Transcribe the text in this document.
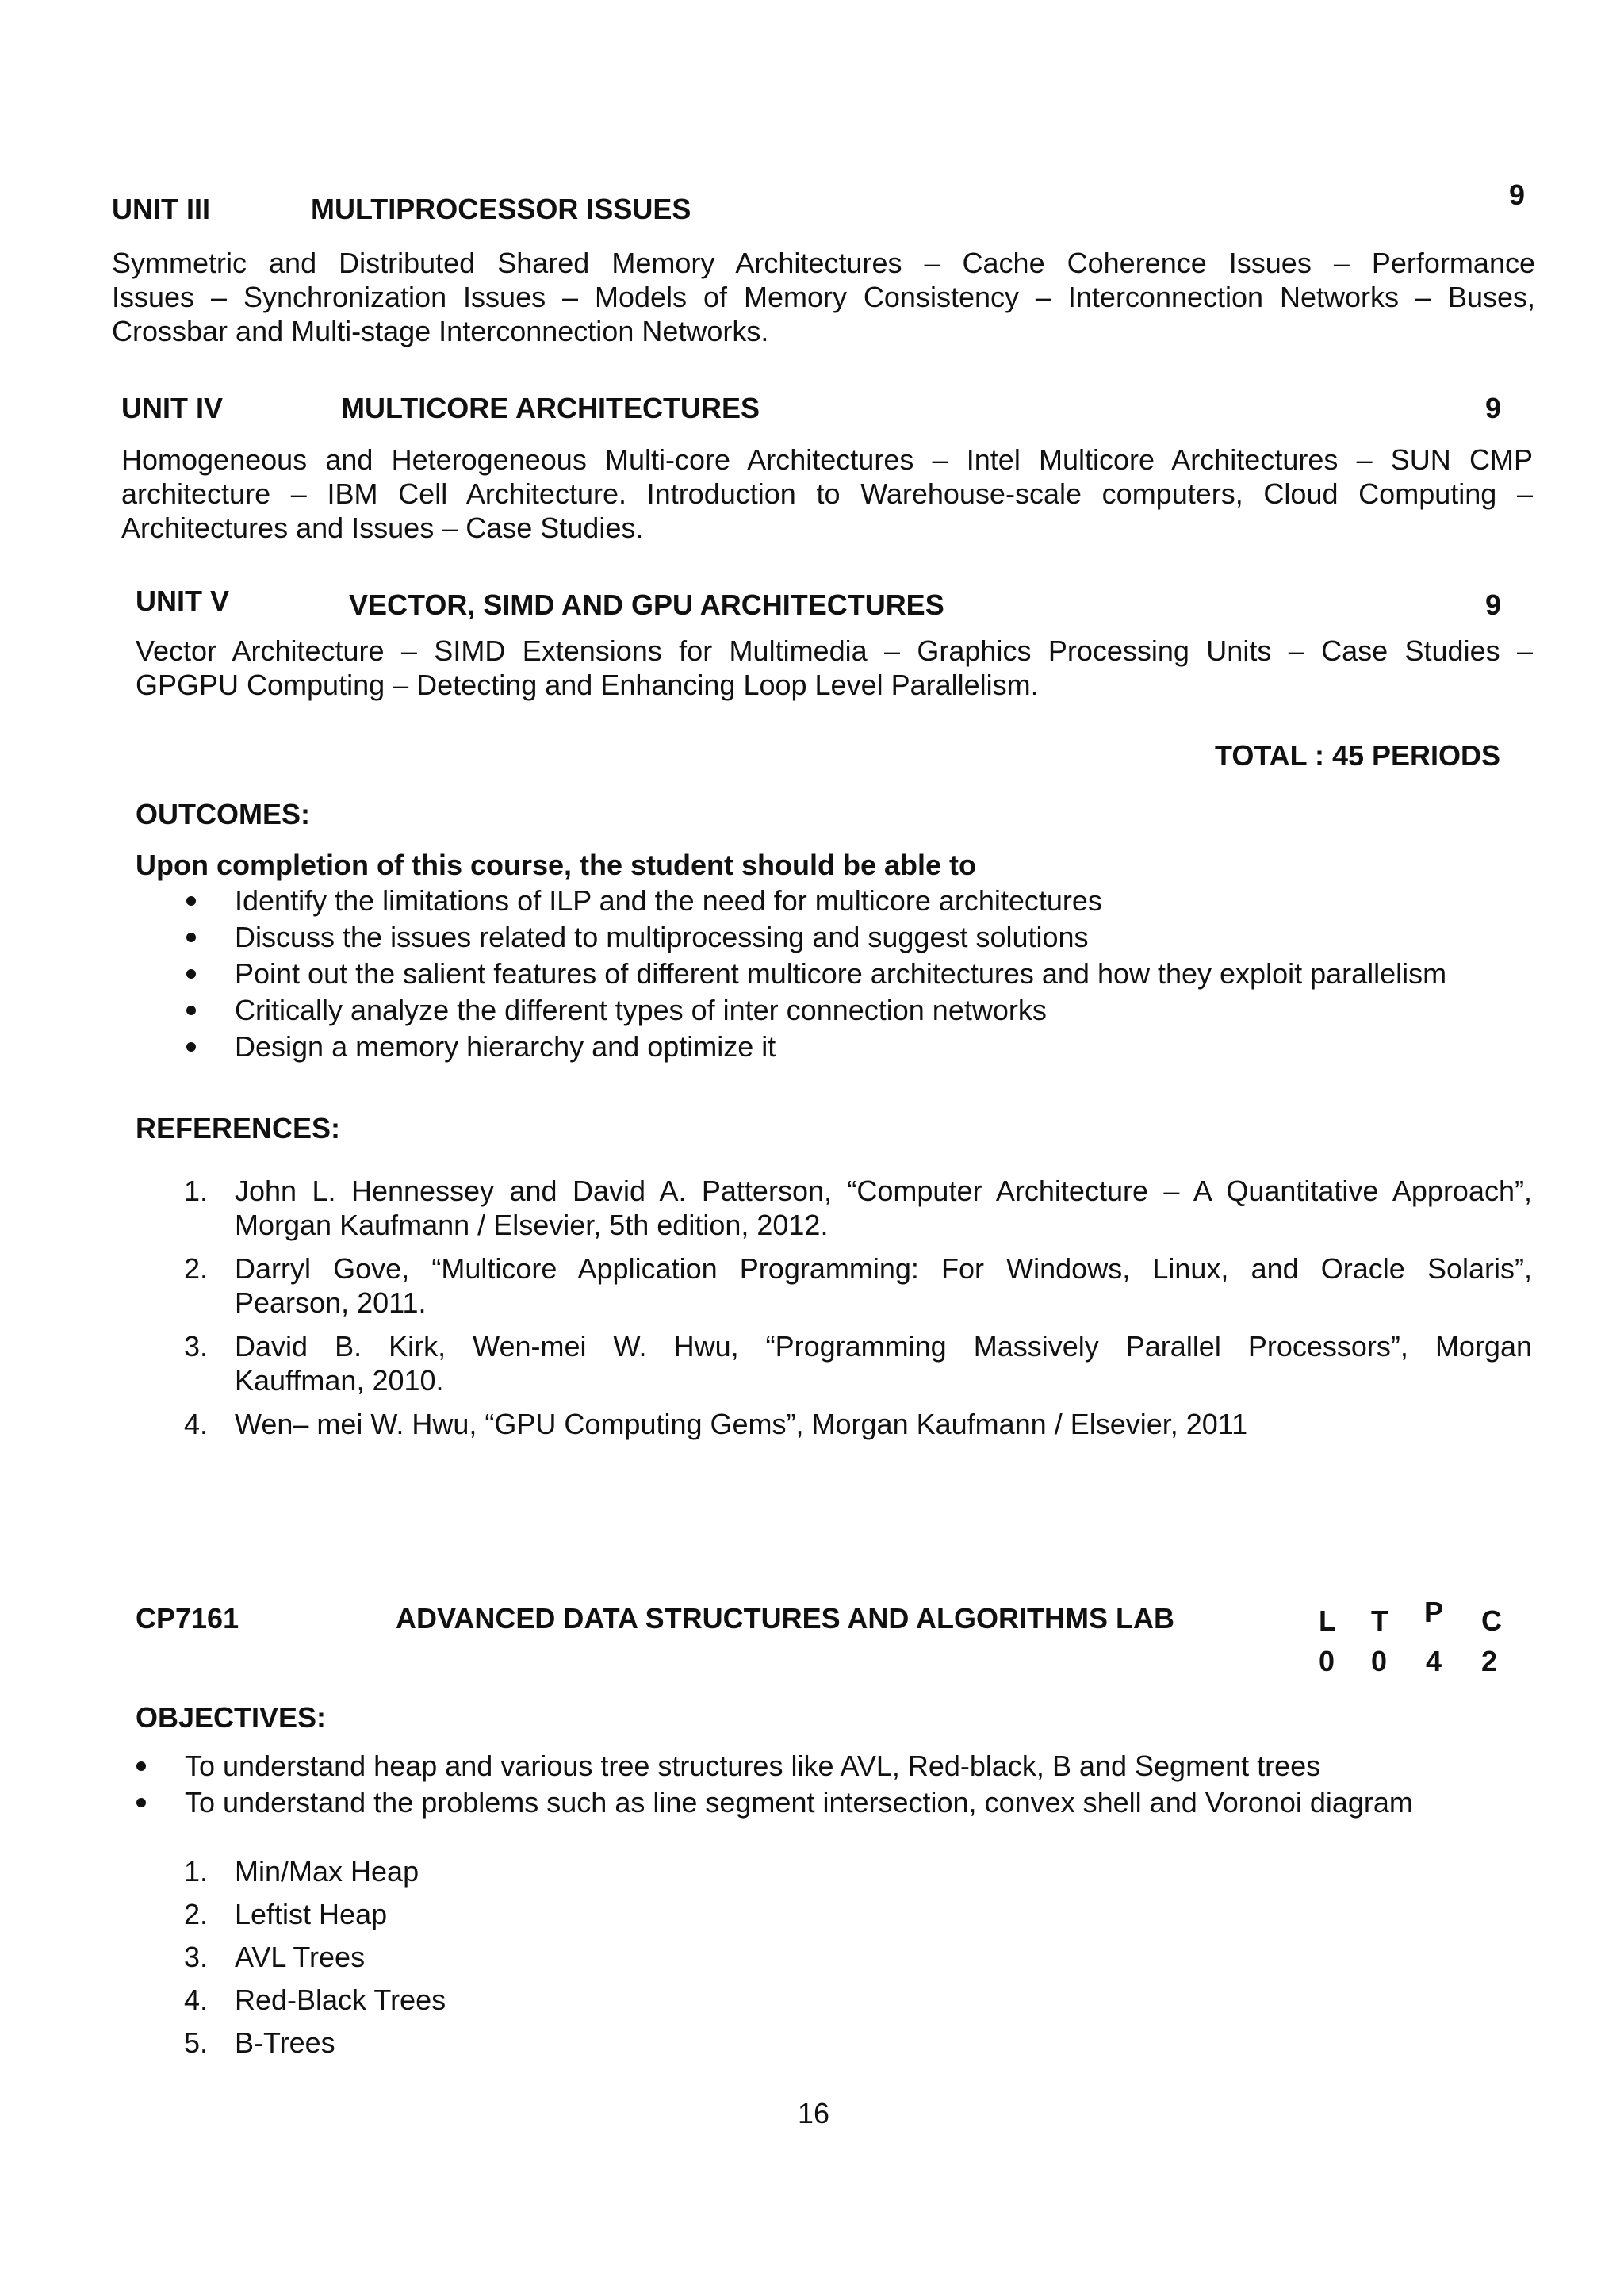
UNIT III	MULTIPROCESSOR ISSUES	9
Symmetric and Distributed Shared Memory Architectures – Cache Coherence Issues – Performance
Issues – Synchronization Issues – Models of Memory Consistency – Interconnection Networks – Buses,
Crossbar and Multi-stage Interconnection Networks.
UNIT IV	MULTICORE ARCHITECTURES	9
Homogeneous and Heterogeneous Multi-core Architectures – Intel Multicore Architectures – SUN CMP
architecture – IBM Cell Architecture. Introduction to Warehouse-scale computers, Cloud Computing –
Architectures and Issues – Case Studies.
UNIT V	VECTOR, SIMD AND GPU ARCHITECTURES	9
Vector Architecture – SIMD Extensions for Multimedia – Graphics Processing Units – Case Studies –
GPGPU Computing – Detecting and Enhancing Loop Level Parallelism.
TOTAL : 45 PERIODS
OUTCOMES:
Upon completion of this course, the student should be able to
Identify the limitations of ILP and the need for multicore architectures
Discuss the issues related to multiprocessing and suggest solutions
Point out the salient features of different multicore architectures and how they exploit parallelism
Critically analyze the different types of inter connection networks
Design a memory hierarchy and optimize it
REFERENCES:
1. John L. Hennessey and David A. Patterson, “Computer Architecture – A Quantitative Approach”,
Morgan Kaufmann / Elsevier, 5th edition, 2012.
2. Darryl Gove, “Multicore Application Programming: For Windows, Linux, and Oracle Solaris”,
Pearson, 2011.
3. David B. Kirk, Wen-mei W. Hwu, “Programming Massively Parallel Processors”, Morgan
Kauffman, 2010.
4. Wen– mei W. Hwu, “GPU Computing Gems”, Morgan Kaufmann / Elsevier, 2011
CP7161	ADVANCED DATA STRUCTURES AND ALGORITHMS LAB	L T P C
0 0 4 2
OBJECTIVES:
To understand heap and various tree structures like AVL, Red-black, B and Segment trees
To understand the problems such as line segment intersection, convex shell and Voronoi diagram
1. Min/Max Heap
2. Leftist Heap
3. AVL Trees
4. Red-Black Trees
5. B-Trees
16
